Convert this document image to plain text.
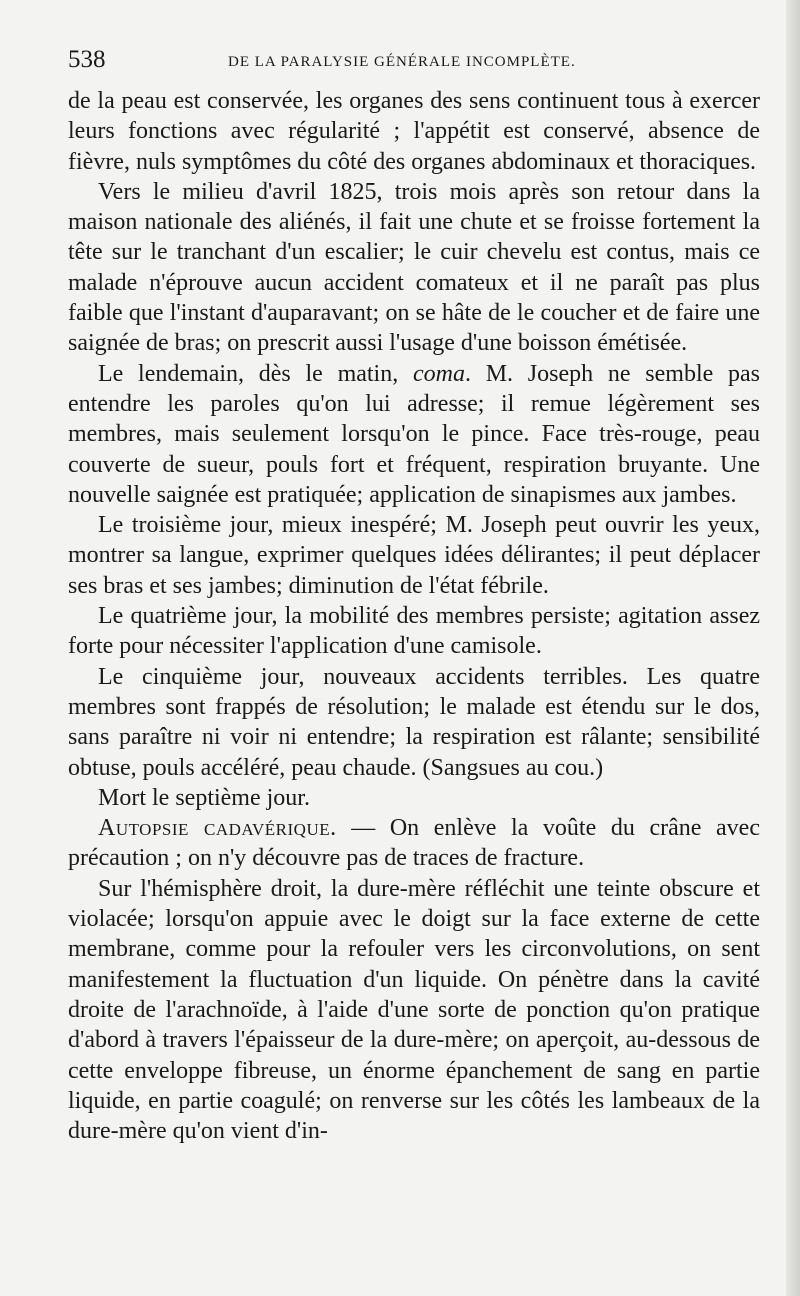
538	DE LA PARALYSIE GÉNÉRALE INCOMPLÈTE.

de la peau est conservée, les organes des sens continuent tous à exercer leurs fonctions avec régularité ; l'appétit est conservé, absence de fièvre, nuls symptômes du côté des organes abdominaux et thoraciques.

Vers le milieu d'avril 1825, trois mois après son retour dans la maison nationale des aliénés, il fait une chute et se froisse fortement la tête sur le tranchant d'un escalier; le cuir chevelu est contus, mais ce malade n'éprouve aucun accident comateux et il ne paraît pas plus faible que l'instant d'auparavant; on se hâte de le coucher et de faire une saignée de bras; on prescrit aussi l'usage d'une boisson émétisée.

Le lendemain, dès le matin, coma. M. Joseph ne semble pas entendre les paroles qu'on lui adresse; il remue légèrement ses membres, mais seulement lorsqu'on le pince. Face très-rouge, peau couverte de sueur, pouls fort et fréquent, respiration bruyante. Une nouvelle saignée est pratiquée; application de sinapismes aux jambes.

Le troisième jour, mieux inespéré; M. Joseph peut ouvrir les yeux, montrer sa langue, exprimer quelques idées délirantes; il peut déplacer ses bras et ses jambes; diminution de l'état fébrile.

Le quatrième jour, la mobilité des membres persiste; agitation assez forte pour nécessiter l'application d'une camisole.

Le cinquième jour, nouveaux accidents terribles. Les quatre membres sont frappés de résolution; le malade est étendu sur le dos, sans paraître ni voir ni entendre; la respiration est râlante; sensibilité obtuse, pouls accéléré, peau chaude. (Sangsues au cou.)

Mort le septième jour.

Autopsie cadavérique. — On enlève la voûte du crâne avec précaution ; on n'y découvre pas de traces de fracture.

Sur l'hémisphère droit, la dure-mère réfléchit une teinte obscure et violacée; lorsqu'on appuie avec le doigt sur la face externe de cette membrane, comme pour la refouler vers les circonvolutions, on sent manifestement la fluctuation d'un liquide. On pénètre dans la cavité droite de l'arachnoïde, à l'aide d'une sorte de ponction qu'on pratique d'abord à travers l'épaisseur de la dure-mère; on aperçoit, au-dessous de cette enveloppe fibreuse, un énorme épanchement de sang en partie liquide, en partie coagulé; on renverse sur les côtés les lambeaux de la dure-mère qu'on vient d'in-
